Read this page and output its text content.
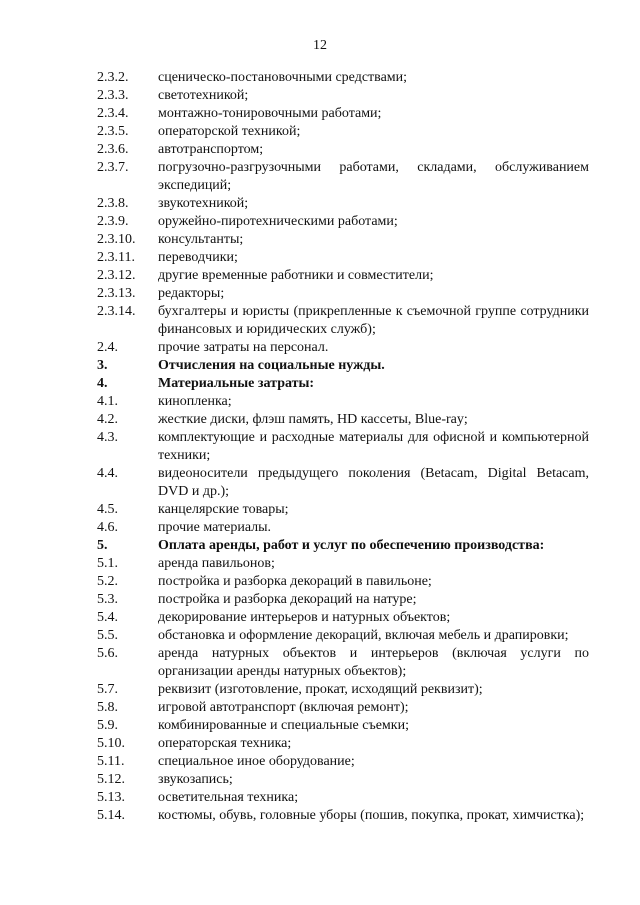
12
2.3.2.	сценическо-постановочными средствами;
2.3.3.	светотехникой;
2.3.4.	монтажно-тонировочными работами;
2.3.5.	операторской техникой;
2.3.6.	автотранспортом;
2.3.7.	погрузочно-разгрузочными работами, складами, обслуживанием экспедиций;
2.3.8.	звукотехникой;
2.3.9.	оружейно-пиротехническими работами;
2.3.10.	консультанты;
2.3.11.	переводчики;
2.3.12.	другие временные работники и совместители;
2.3.13.	редакторы;
2.3.14.	бухгалтеры и юристы (прикрепленные к съемочной группе сотрудники финансовых и юридических служб);
2.4.	прочие затраты на персонал.
3.	Отчисления на социальные нужды.
4.	Материальные затраты:
4.1.	кинопленка;
4.2.	жесткие диски, флэш память, HD кассеты, Blue-ray;
4.3.	комплектующие и расходные материалы для офисной и компьютерной техники;
4.4.	видеоносители предыдущего поколения (Betacam, Digital Betacam, DVD и др.);
4.5.	канцелярские товары;
4.6.	прочие материалы.
5.	Оплата аренды, работ и услуг по обеспечению производства:
5.1.	аренда павильонов;
5.2.	постройка и разборка декораций в павильоне;
5.3.	постройка и разборка декораций на натуре;
5.4.	декорирование интерьеров и натурных объектов;
5.5.	обстановка и оформление декораций, включая мебель и драпировки;
5.6.	аренда натурных объектов и интерьеров (включая услуги по организации аренды натурных объектов);
5.7.	реквизит (изготовление, прокат, исходящий реквизит);
5.8.	игровой автотранспорт (включая ремонт);
5.9.	комбинированные и специальные съемки;
5.10.	операторская техника;
5.11.	специальное иное оборудование;
5.12.	звукозапись;
5.13.	осветительная техника;
5.14.	костюмы, обувь, головные уборы (пошив, покупка, прокат, химчистка);
